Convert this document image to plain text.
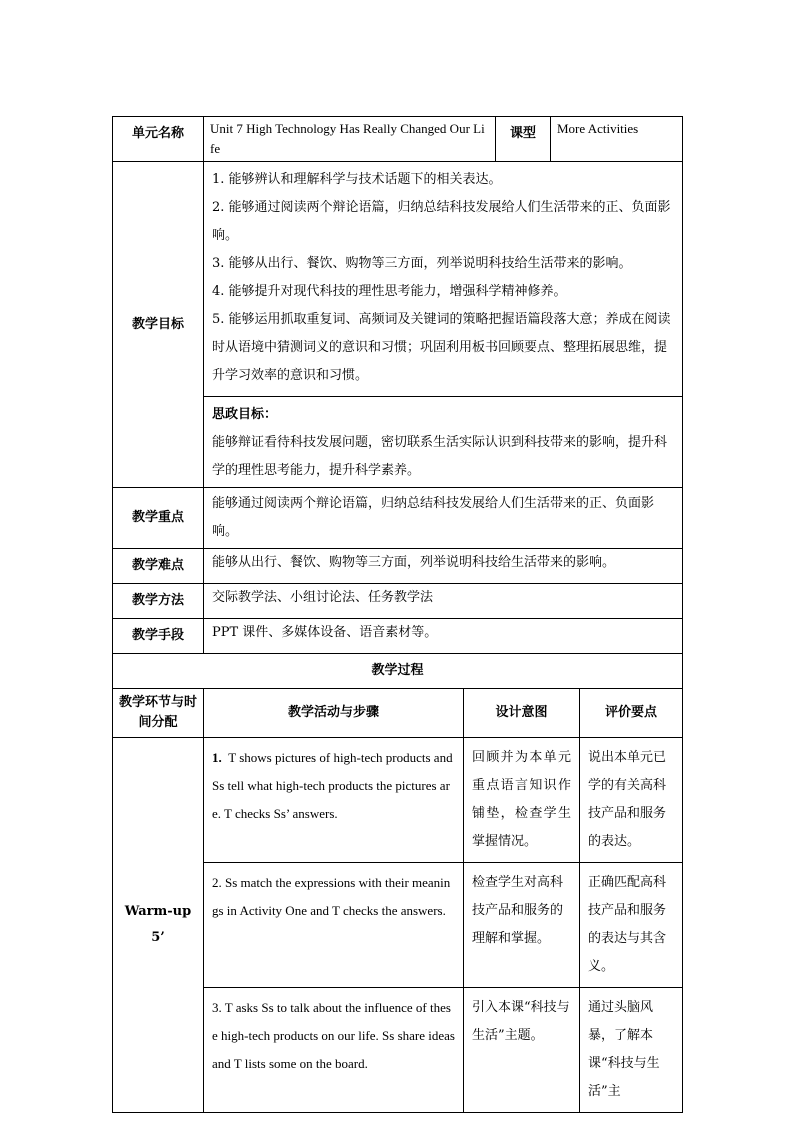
单元名称	Unit 7 High Technology Has Really Changed Our Life	课型	More Activities
教学目标	1. 能够辨认和理解科学与技术话题下的相关表达。
2. 能够通过阅读两个辩论语篇，归纳总结科技发展给人们生活带来的正、负面影响。
3. 能够从出行、餐饮、购物等三方面，列举说明科技给生活带来的影响。
4. 能够提升对现代科技的理性思考能力，增强科学精神修养。
5. 能够运用抓取重复词、高频词及关键词的策略把握语篇段落大意；养成在阅读时从语境中猜测词义的意识和习惯；巩固利用板书回顾要点、整理拓展思维，提升学习效率的意识和习惯。

	思政目标：
能够辩证看待科技发展问题，密切联系生活实际认识到科技带来的影响，提升科学的理性思考能力，提升科学素养。

教学重点	能够通过阅读两个辩论语篇，归纳总结科技发展给人们生活带来的正、负面影响。
教学难点	能够从出行、餐饮、购物等三方面，列举说明科技给生活带来的影响。
教学方法	交际教学法、小组讨论法、任务教学法
教学手段	PPT 课件、多媒体设备、语音素材等。
教学过程	
教学环节与时间分配	教学活动与步骤	设计意图	评价要点

Warm-up
5’	1. T shows pictures of high-tech products and Ss tell what high-tech products the pictures are. T checks Ss’ answers.	回顾并为本单元重点语言知识作铺垫，检查学生掌握情况。	说出本单元已学的有关高科技产品和服务的表达。
	2. Ss match the expressions with their meanings in Activity One and T checks the answers.	检查学生对高科技产品和服务的理解和掌握。	正确匹配高科技产品和服务的表达与其含义。
	3. T asks Ss to talk about the influence of these high-tech products on our life. Ss share ideas and T lists some on the board.	引入本课“科技与生活”主题。	通过头脑风暴，了解本课“科技与生活”主
